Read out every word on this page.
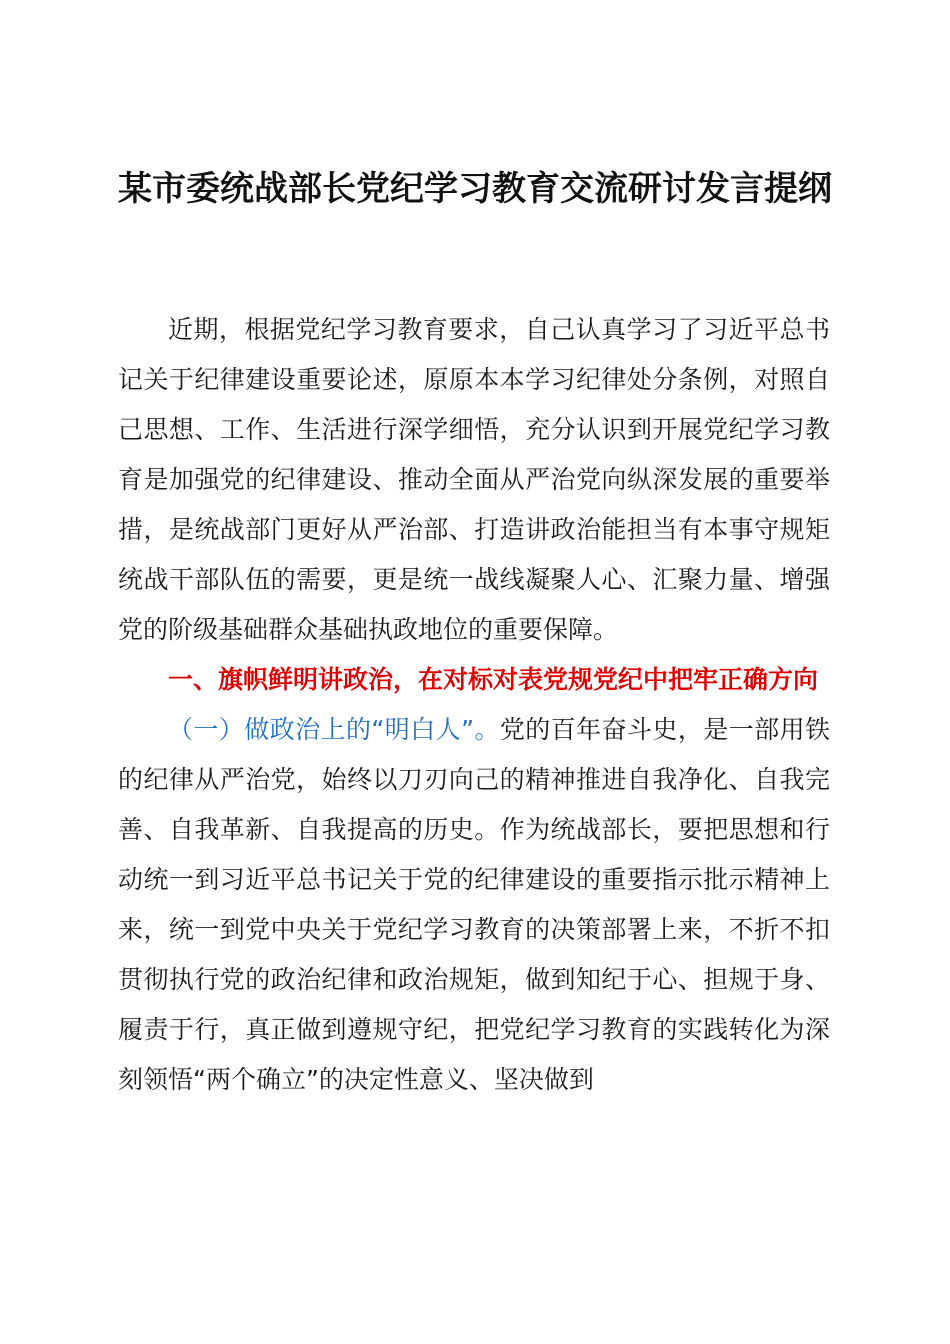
某市委统战部长党纪学习教育交流研讨发言提纲

近期，根据党纪学习教育要求，自己认真学习了习近平总书记关于纪律建设重要论述，原原本本学习纪律处分条例，对照自己思想、工作、生活进行深学细悟，充分认识到开展党纪学习教育是加强党的纪律建设、推动全面从严治党向纵深发展的重要举措，是统战部门更好从严治部、打造讲政治能担当有本事守规矩统战干部队伍的需要，更是统一战线凝聚人心、汇聚力量、增强党的阶级基础群众基础执政地位的重要保障。

一、旗帜鲜明讲政治，在对标对表党规党纪中把牢正确方向

（一）做政治上的“明白人”。党的百年奋斗史，是一部用铁的纪律从严治党，始终以刀刃向己的精神推进自我净化、自我完善、自我革新、自我提高的历史。作为统战部长，要把思想和行动统一到习近平总书记关于党的纪律建设的重要指示批示精神上来，统一到党中央关于党纪学习教育的决策部署上来，不折不扣贯彻执行党的政治纪律和政治规矩，做到知纪于心、担规于身、履责于行，真正做到遵规守纪，把党纪学习教育的实践转化为深刻领悟“两个确立”的决定性意义、坚决做到
